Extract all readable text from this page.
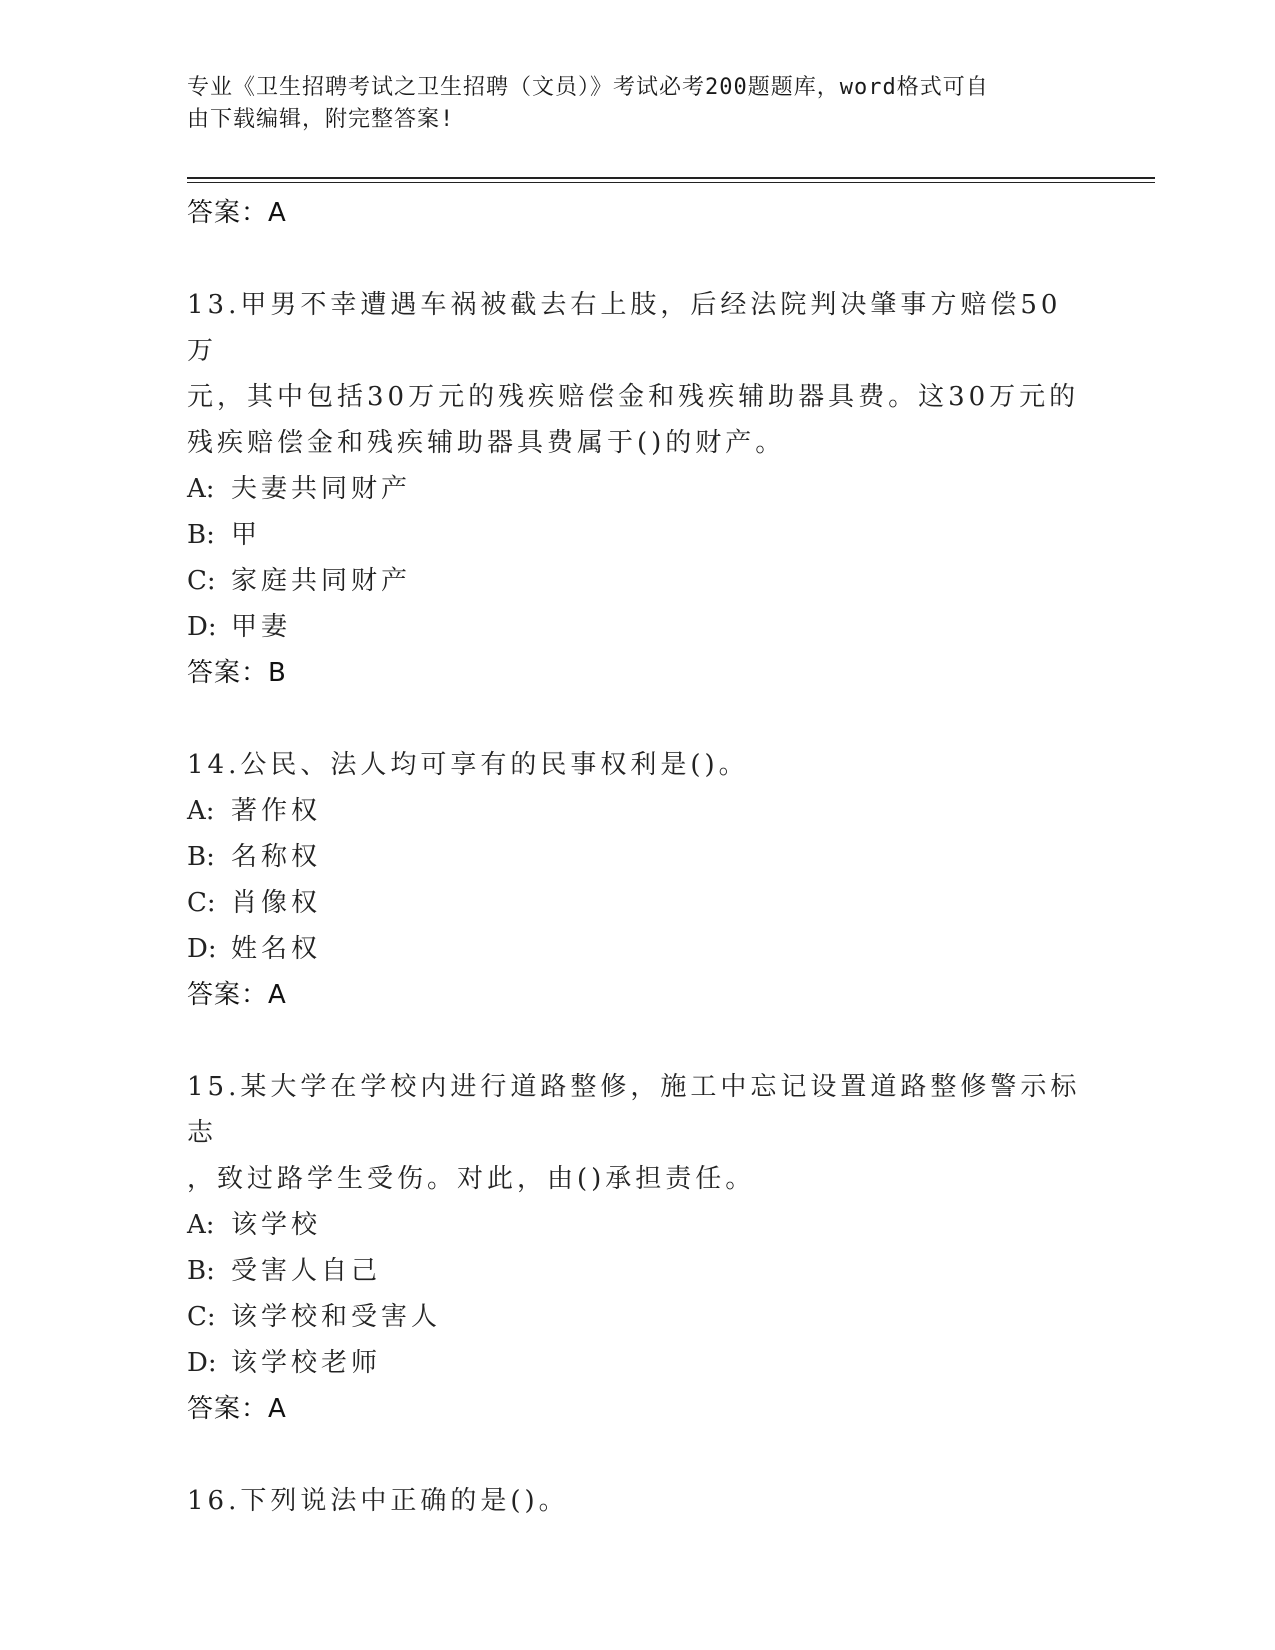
专业《卫生招聘考试之卫生招聘（文员）》考试必考200题题库，word格式可自
由下载编辑，附完整答案!
答案：A
13.甲男不幸遭遇车祸被截去右上肢，后经法院判决肇事方赔偿50万
元，其中包括30万元的残疾赔偿金和残疾辅助器具费。这30万元的
残疾赔偿金和残疾辅助器具费属于()的财产。
A: 夫妻共同财产
B: 甲
C: 家庭共同财产
D: 甲妻
答案：B
14.公民、法人均可享有的民事权利是()。
A: 著作权
B: 名称权
C: 肖像权
D: 姓名权
答案：A
15.某大学在学校内进行道路整修，施工中忘记设置道路整修警示标志
，致过路学生受伤。对此，由()承担责任。
A: 该学校
B: 受害人自己
C: 该学校和受害人
D: 该学校老师
答案：A
16.下列说法中正确的是()。
